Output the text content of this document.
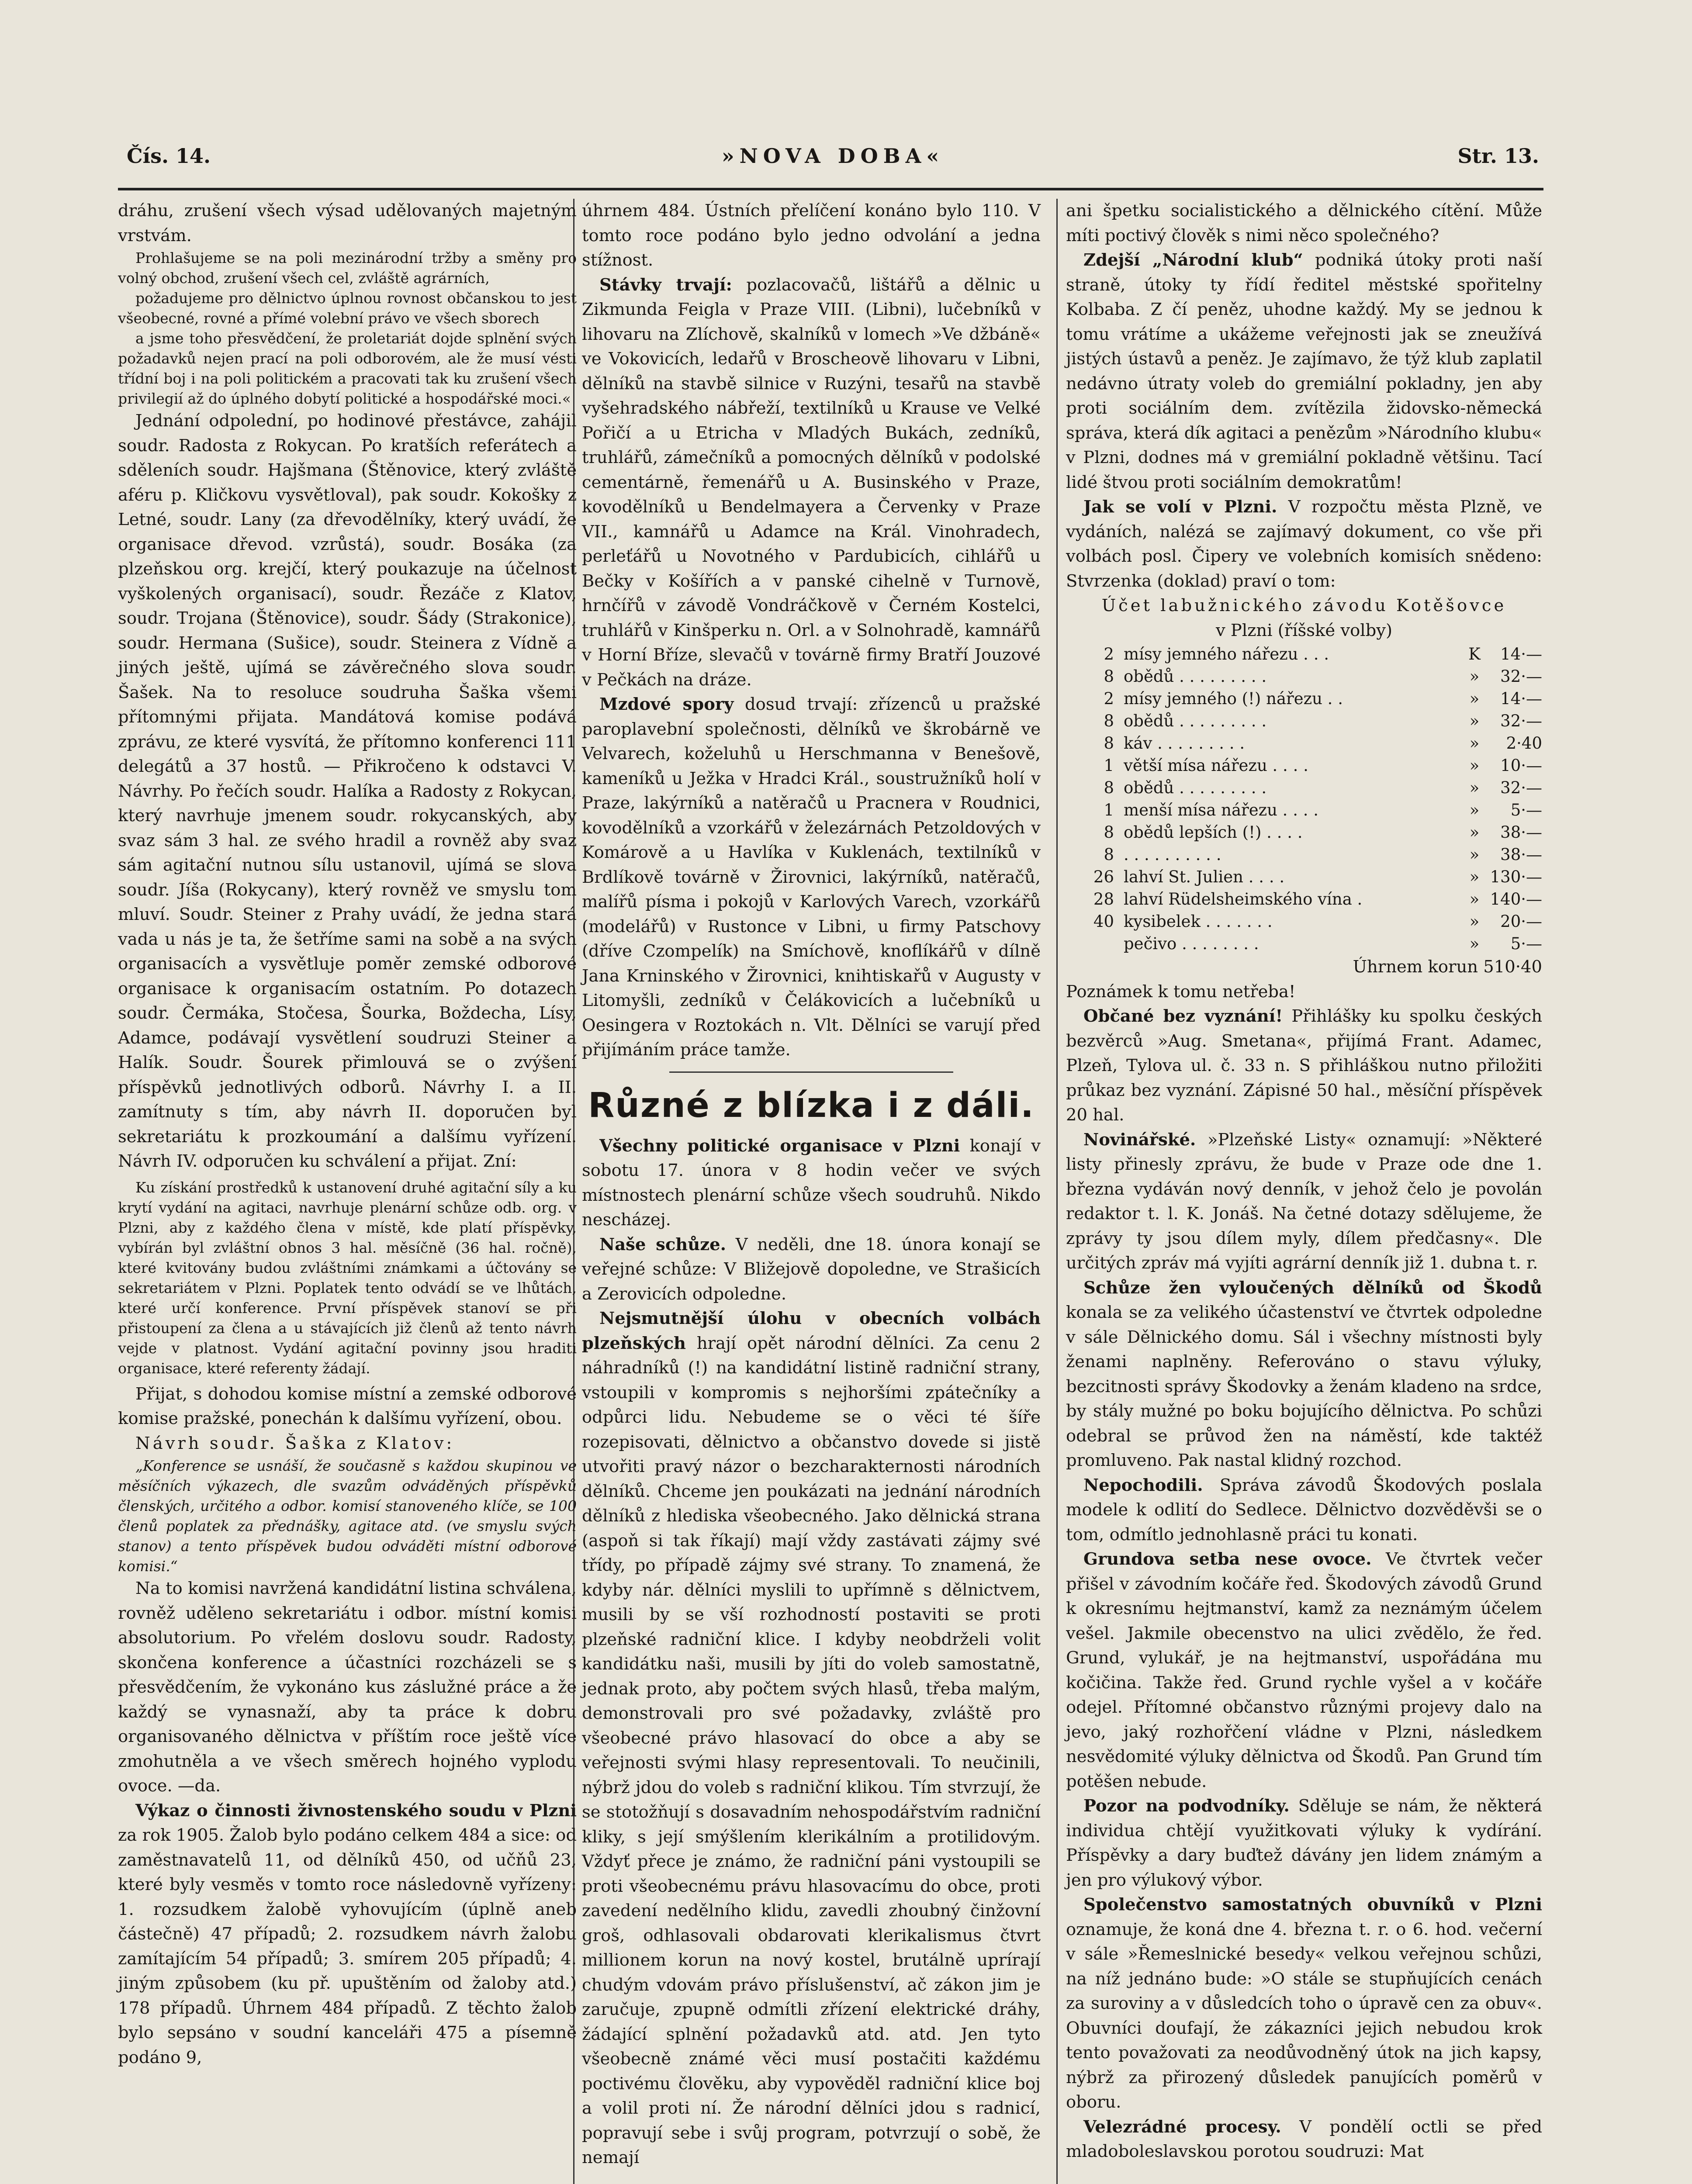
Čís. 14.	»NOVA DOBA«	Str. 13.

dráhu, zrušení všech výsad udělovaných majetným vrstvám.

Prohlašujeme se na poli mezinárodní tržby a směny pro volný obchod, zrušení všech cel, zvláště agrárních,

požadujeme pro dělnictvo úplnou rovnost občanskou to jest všeobecné, rovné a přímé volební právo ve všech sborech

a jsme toho přesvědčení, že proletariát dojde splnění svých požadavků nejen prací na poli odborovém, ale že musí vésti třídní boj i na poli politickém a pracovati tak ku zrušení všech privilegií až do úplného dobytí politické a hospodářské moci.«

Jednání odpolední, po hodinové přestávce, zahájil soudr. Radosta z Rokycan. Po kratších referátech a sděleních soudr. Hajšmana (Štěnovice, který zvláště aféru p. Kličkovu vysvětloval), pak soudr. Kokošky z Letné, soudr. Lany (za dřevodělníky, který uvádí, že organisace dřevod. vzrůstá), soudr. Bosáka (za plzeňskou org. krejčí, který poukazuje na účelnost vyškolených organisací), soudr. Řezáče z Klatov, soudr. Trojana (Štěnovice), soudr. Šády (Strakonice), soudr. Hermana (Sušice), soudr. Steinera z Vídně a jiných ještě, ujímá se závěrečného slova soudr. Šašek. Na to resoluce soudruha Šaška všemi přítomnými přijata. Mandátová komise podává zprávu, ze které vysvítá, že přítomno konferenci 111 delegátů a 37 hostů. — Přikročeno k odstavci V. Návrhy. Po řečích soudr. Halíka a Radosty z Rokycan, který navrhuje jmenem soudr. rokycanských, aby svaz sám 3 hal. ze svého hradil a rovněž aby svaz sám agitační nutnou sílu ustanovil, ujímá se slova soudr. Jíša (Rokycany), který rovněž ve smyslu tom mluví. Soudr. Steiner z Prahy uvádí, že jedna stará vada u nás je ta, že šetříme sami na sobě a na svých organisacích a vysvětluje poměr zemské odborové organisace k organisacím ostatním. Po dotazech soudr. Čermáka, Stočesa, Šourka, Boždecha, Lísy, Adamce, podávají vysvětlení soudruzi Steiner a Halík. Soudr. Šourek přimlouvá se o zvýšení příspěvků jednotlivých odborů. Návrhy I. a II. zamítnuty s tím, aby návrh II. doporučen byl sekretariátu k prozkoumání a dalšímu vyřízení. Návrh IV. odporučen ku schválení a přijat. Zní:

Ku získání prostředků k ustanovení druhé agitační síly a ku krytí vydání na agitaci, navrhuje plenární schůze odb. org. v Plzni, aby z každého člena v místě, kde platí příspěvky, vybírán byl zvláštní obnos 3 hal. měsíčně (36 hal. ročně), které kvitovány budou zvláštními známkami a účtovány se sekretariátem v Plzni. Poplatek tento odvádí se ve lhůtách, které určí konference. První příspěvek stanoví se při přistoupení za člena a u stávajících již členů až tento návrh vejde v platnost. Vydání agitační povinny jsou hraditi organisace, které referenty žádají.

Přijat, s dohodou komise místní a zemské odborové komise pražské, ponechán k dalšímu vyřízení, obou.

Návrh soudr. Šaška z Klatov:

„Konference se usnáší, že současně s každou skupinou ve měsíčních výkazech, dle svazům odváděných příspěvků členských, určitého a odbor. komisí stanoveného klíče, se 100 členů poplatek za přednášky, agitace atd. (ve smyslu svých stanov) a tento příspěvek budou odváděti místní odborové komisi.“

Na to komisi navržená kandidátní listina schválena, rovněž uděleno sekretariátu i odbor. místní komisi absolutorium. Po vřelém doslovu soudr. Radosty, skončena konference a účastníci rozcházeli se s přesvědčením, že vykonáno kus záslužné práce a že každý se vynasnaží, aby ta práce k dobru organisovaného dělnictva v příštím roce ještě více zmohutněla a ve všech směrech hojného vyplodu ovoce. —da.

Výkaz o činnosti živnostenského soudu v Plzni za rok 1905. Žalob bylo podáno celkem 484 a sice: od zaměstnavatelů 11, od dělníků 450, od učňů 23, které byly vesměs v tomto roce následovně vyřízeny: 1. rozsudkem žalobě vyhovujícím (úplně aneb částečně) 47 případů; 2. rozsudkem návrh žalobu zamítajícím 54 případů; 3. smírem 205 případů; 4. jiným způsobem (ku př. upuštěním od žaloby atd.) 178 případů. Úhrnem 484 případů. Z těchto žalob bylo sepsáno v soudní kanceláři 475 a písemně podáno 9,

úhrnem 484. Ústních přelíčení konáno bylo 110. V tomto roce podáno bylo jedno odvolání a jedna stížnost.

Stávky trvají: pozlacovačů, lištářů a dělnic u Zikmunda Feigla v Praze VIII. (Libni), lučebníků v lihovaru na Zlíchově, skalníků v lomech »Ve džbáně« ve Vokovicích, ledařů v Broscheově lihovaru v Libni, dělníků na stavbě silnice v Ruzýni, tesařů na stavbě vyšehradského nábřeží, textilníků u Krause ve Velké Pořičí a u Etricha v Mladých Bukách, zedníků, truhlářů, zámečníků a pomocných dělníků v podolské cementárně, řemenářů u A. Businského v Praze, kovodělníků u Bendelmayera a Červenky v Praze VII., kamnářů u Adamce na Král. Vinohradech, perleťářů u Novotného v Pardubicích, cihlářů u Bečky v Košířích a v panské cihelně v Turnově, hrnčířů v závodě Vondráčkově v Černém Kostelci, truhlářů v Kinšperku n. Orl. a v Solnohradě, kamnářů v Horní Bříze, slevačů v továrně firmy Bratří Jouzové v Pečkách na dráze.

Mzdové spory dosud trvají: zřízenců u pražské paroplavební společnosti, dělníků ve škrobárně ve Velvarech, koželuhů u Herschmanna v Benešově, kameníků u Ježka v Hradci Král., soustružníků holí v Praze, lakýrníků a natěračů u Pracnera v Roudnici, kovodělníků a vzorkářů v železárnách Petzoldových v Komárově a u Havlíka v Kuklenách, textilníků v Brdlíkově továrně v Žirovnici, lakýrníků, natěračů, malířů písma i pokojů v Karlových Varech, vzorkářů (modelářů) v Rustonce v Libni, u firmy Patschovy (dříve Czompelík) na Smíchově, knoflíkářů v dílně Jana Krninského v Žirovnici, knihtiskařů v Augusty v Litomyšli, zedníků v Čelákovicích a lučebníků u Oesingera v Roztokách n. Vlt. Dělníci se varují před přijímáním práce tamže.

Různé z blízka i z dáli.

Všechny politické organisace v Plzni konají v sobotu 17. února v 8 hodin večer ve svých místnostech plenární schůze všech soudruhů. Nikdo nescházej.

Naše schůze. V neděli, dne 18. února konají se veřejné schůze: V Bližejově dopoledne, ve Strašicích a Zerovicích odpoledne.

Nejsmutnější úlohu v obecních volbách plzeňských hrají opět národní dělníci. Za cenu 2 náhradníků (!) na kandidátní listině radniční strany, vstoupili v kompromis s nejhoršími zpátečníky a odpůrci lidu. Nebudeme se o věci té šíře rozepisovati, dělnictvo a občanstvo dovede si jistě utvořiti pravý názor o bezcharakternosti národních dělníků. Chceme jen poukázati na jednání národních dělníků z hlediska všeobecného. Jako dělnická strana (aspoň si tak říkají) mají vždy zastávati zájmy své třídy, po případě zájmy své strany. To znamená, že kdyby nár. dělníci myslili to upřímně s dělnictvem, musili by se vší rozhodností postaviti se proti plzeňské radniční klice. I kdyby neobdrželi volit kandidátku naši, musili by jíti do voleb samostatně, jednak proto, aby počtem svých hlasů, třeba malým, demonstrovali pro své požadavky, zvláště pro všeobecné právo hlasovací do obce a aby se veřejnosti svými hlasy representovali. To neučinili, nýbrž jdou do voleb s radniční klikou. Tím stvrzují, že se stotožňují s dosavadním nehospodářstvím radniční kliky, s její smýšlením klerikálním a protilidovým. Vždyť přece je známo, že radniční páni vystoupili se proti všeobecnému právu hlasovacímu do obce, proti zavedení nedělního klidu, zavedli zhoubný činžovní groš, odhlasovali obdarovati klerikalismus čtvrt millionem korun na nový kostel, brutálně uprírají chudým vdovám právo příslušenství, ač zákon jim je zaručuje, zpupně odmítli zřízení elektrické dráhy, žádající splnění požadavků atd. atd. Jen tyto všeobecně známé věci musí postačiti každému poctivému člověku, aby vypověděl radniční klice boj a volil proti ní. Že národní dělníci jdou s radnicí, popravují sebe i svůj program, potvrzují o sobě, že nemají

ani špetku socialistického a dělnického cítění. Může míti poctivý člověk s nimi něco společného?

Zdejší „Národní klub“ podniká útoky proti naší straně, útoky ty řídí ředitel městské spořitelny Kolbaba. Z čí peněz, uhodne každý. My se jednou k tomu vrátíme a ukážeme veřejnosti jak se zneužívá jistých ústavů a peněz. Je zajímavo, že týž klub zaplatil nedávno útraty voleb do gremiální pokladny, jen aby proti sociálním dem. zvítězila židovsko-německá správa, která dík agitaci a penězům »Národního klubu« v Plzni, dodnes má v gremiální pokladně většinu. Tací lidé štvou proti sociálním demokratům!

Jak se volí v Plzni. V rozpočtu města Plzně, ve vydáních, nalézá se zajímavý dokument, co vše při volbách posl. Čipery ve volebních komisích snědeno: Stvrzenka (doklad) praví o tom:

Účet labužnického závodu Kotěšovce

v Plzni (říšské volby)

2	mísy jemného nářezu . . .	K	14·—
8	obědů . . . . . . . . .	»	32·—
2	mísy jemného (!) nářezu . .	»	14·—
8	obědů . . . . . . . . .	»	32·—
8	káv . . . . . . . . .	»	2·40
1	větší mísa nářezu . . . .	»	10·—
8	obědů . . . . . . . . .	»	32·—
1	menší mísa nářezu . . . .	»	5·—
8	obědů lepších (!) . . . .	»	38·—
8	. . . . . . . . . .	»	38·—
26	lahví St. Julien . . . .	»	130·—
28	lahví Rüdelsheimského vína .	»	140·—
40	kysibelek . . . . . . .	»	20·—
	pečivo . . . . . . . .	»	5·—

Úhrnem korun 510·40

Poznámek k tomu netřeba!

Občané bez vyznání! Přihlášky ku spolku českých bezvěrců »Aug. Smetana«, přijímá Frant. Adamec, Plzeň, Tylova ul. č. 33 n. S přihláškou nutno přiložiti průkaz bez vyznání. Zápisné 50 hal., měsíční příspěvek 20 hal.

Novinářské. »Plzeňské Listy« oznamují: »Některé listy přinesly zprávu, že bude v Praze ode dne 1. března vydáván nový denník, v jehož čelo je povolán redaktor t. l. K. Jonáš. Na četné dotazy sdělujeme, že zprávy ty jsou dílem myly, dílem předčasny«. Dle určitých zpráv má vyjíti agrární denník již 1. dubna t. r.

Schůze žen vyloučených dělníků od Škodů konala se za velikého účastenství ve čtvrtek odpoledne v sále Dělnického domu. Sál i všechny místnosti byly ženami naplněny. Referováno o stavu výluky, bezcitnosti správy Škodovky a ženám kladeno na srdce, by stály mužné po boku bojujícího dělnictva. Po schůzi odebral se průvod žen na náměstí, kde taktéž promluveno. Pak nastal klidný rozchod.

Nepochodili. Správa závodů Škodových poslala modele k odlití do Sedlece. Dělnictvo dozvěděvši se o tom, odmítlo jednohlasně práci tu konati.

Grundova setba nese ovoce. Ve čtvrtek večer přišel v závodním kočáře řed. Škodových závodů Grund k okresnímu hejtmanství, kamž za neznámým účelem vešel. Jakmile obecenstvo na ulici zvědělo, že řed. Grund, vylukář, je na hejtmanství, uspořádána mu kočičina. Takže řed. Grund rychle vyšel a v kočáře odejel. Přítomné občanstvo různými projevy dalo na jevo, jaký rozhořčení vládne v Plzni, následkem nesvědomité výluky dělnictva od Škodů. Pan Grund tím potěšen nebude.

Pozor na podvodníky. Sděluje se nám, že některá individua chtějí využitkovati výluky k vydírání. Příspěvky a dary buďtež dávány jen lidem známým a jen pro výlukový výbor.

Společenstvo samostatných obuvníků v Plzni oznamuje, že koná dne 4. března t. r. o 6. hod. večerní v sále »Řemeslnické besedy« velkou veřejnou schůzi, na níž jednáno bude: »O stále se stupňujících cenách za suroviny a v důsledcích toho o úpravě cen za obuv«. Obuvníci doufají, že zákazníci jejich nebudou krok tento považovati za neodůvodněný útok na jich kapsy, nýbrž za přirozený důsledek panujících poměrů v oboru.

Velezrádné procesy. V pondělí octli se před mladoboleslavskou porotou soudruzi: Mat
